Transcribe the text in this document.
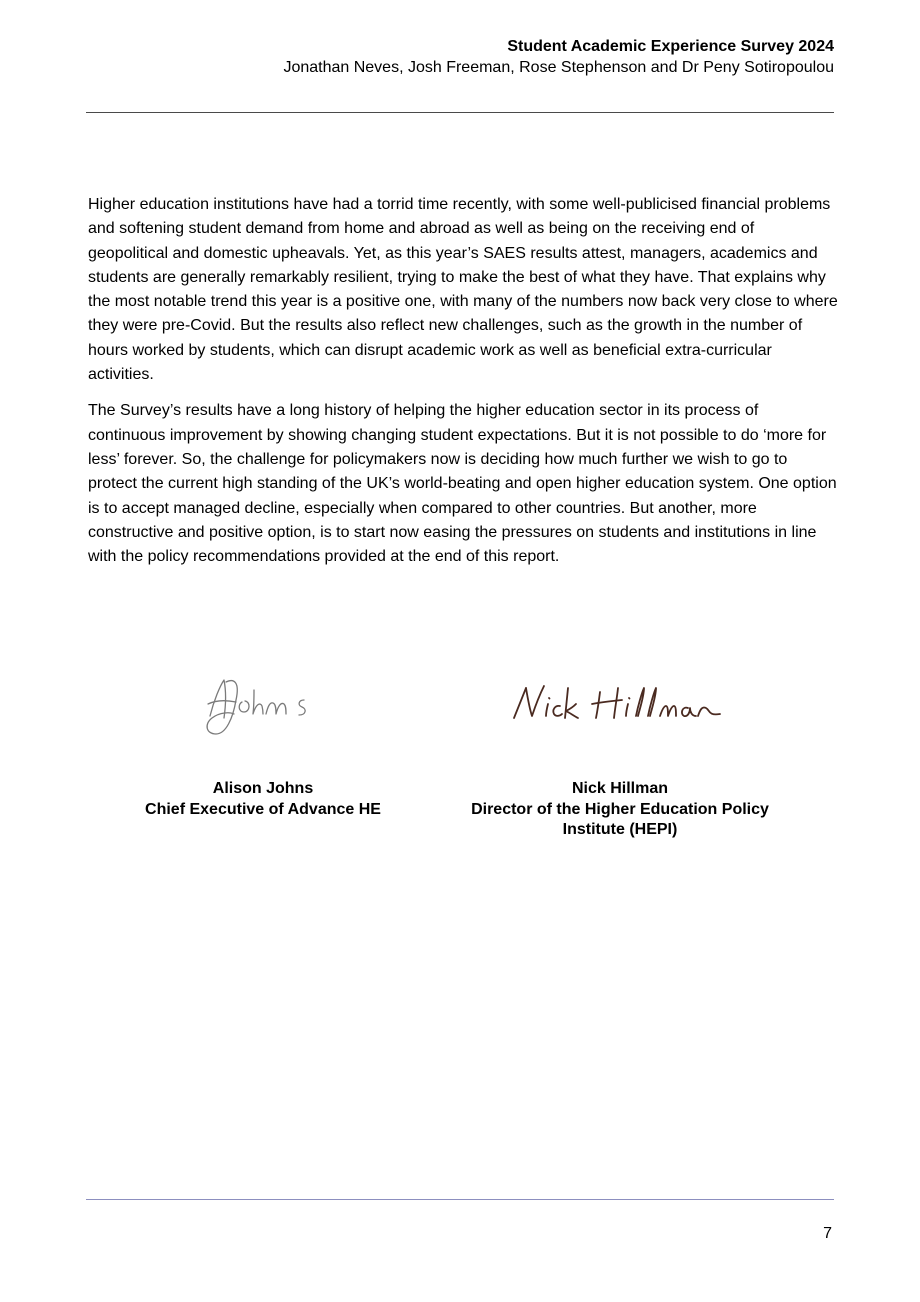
Student Academic Experience Survey 2024
Jonathan Neves, Josh Freeman, Rose Stephenson and Dr Peny Sotiropoulou

Higher education institutions have had a torrid time recently, with some well-publicised financial problems and softening student demand from home and abroad as well as being on the receiving end of geopolitical and domestic upheavals. Yet, as this year’s SAES results attest, managers, academics and students are generally remarkably resilient, trying to make the best of what they have. That explains why the most notable trend this year is a positive one, with many of the numbers now back very close to where they were pre-Covid. But the results also reflect new challenges, such as the growth in the number of hours worked by students, which can disrupt academic work as well as beneficial extra-curricular activities.

The Survey’s results have a long history of helping the higher education sector in its process of continuous improvement by showing changing student expectations. But it is not possible to do ‘more for less’ forever. So, the challenge for policymakers now is deciding how much further we wish to go to protect the current high standing of the UK’s world-beating and open higher education system. One option is to accept managed decline, especially when compared to other countries. But another, more constructive and positive option, is to start now easing the pressures on students and institutions in line with the policy recommendations provided at the end of this report.

Alison Johns
Chief Executive of Advance HE
Nick Hillman
Director of the Higher Education Policy Institute (HEPI)
7
